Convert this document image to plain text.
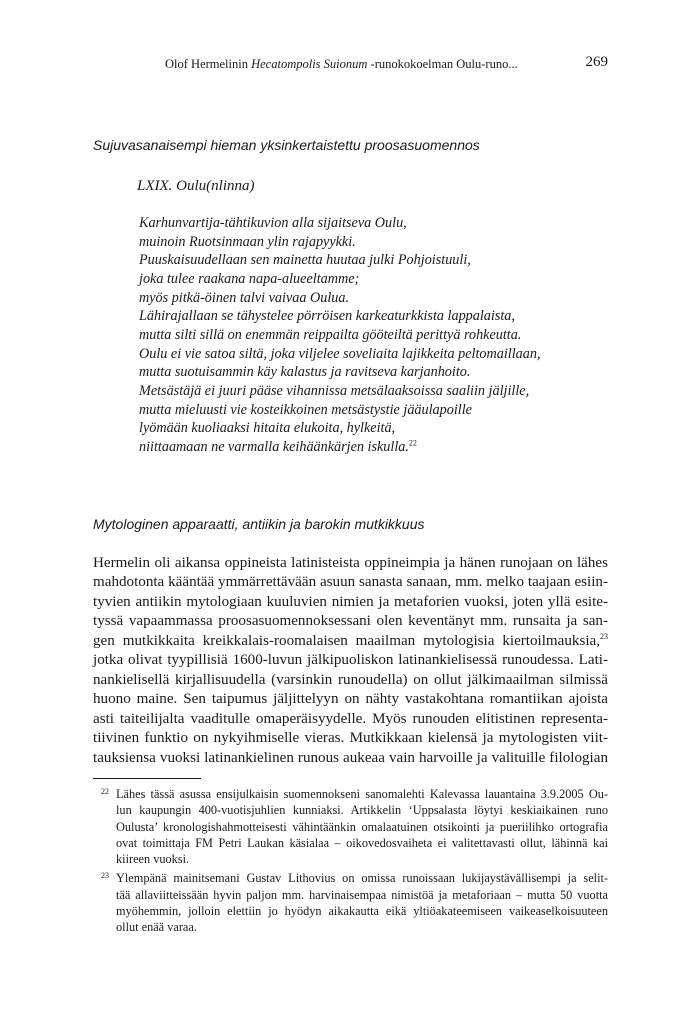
Olof Hermelinin Hecatompolis Suionum -runokokoelman Oulu-runo...	269
Sujuvasanaisempi hieman yksinkertaistettu proosasuomennos
LXIX. Oulu(nlinna)
Karhunvartija-tähtikuvion alla sijaitseva Oulu,
muinoin Ruotsinmaan ylin rajapyykki.
Puuskaisuudellaan sen mainetta huutaa julki Pohjoistuuli,
joka tulee raakana napa-alueeltamme;
myös pitkä-öinen talvi vaivaa Oulua.
Lähirajallaan se tähystelee pörröisen karkeaturkkista lappalaista,
mutta silti sillä on enemmän reippailta gööteiltä perittyä rohkeutta.
Oulu ei vie satoa siltä, joka viljelee soveliaita lajikkeita peltomaillaan,
mutta suotuisammin käy kalastus ja ravitseva karjanhoito.
Metsästäjä ei juuri pääse vihannissa metsälaaksoissa saaliin jäljille,
mutta mieluusti vie kosteikkoinen metsästystie jääulapoille
lyömään kuoliaaksi hitaita elukoita, hylkeitä,
niittaamaan ne varmalla keihäänkärjen iskulla.$^{22}$
Mytologinen apparaatti, antiikin ja barokin mutkikkuus
Hermelin oli aikansa oppineista latinisteista oppineimpia ja hänen runojaan on lähes
mahdotonta kääntää ymmärrettävään asuun sanasta sanaan, mm. melko taajaan esiin-
tyvien antiikin mytologiaan kuuluvien nimien ja metaforien vuoksi, joten yllä esite-
tyssä vapaammassa proosasuomennoksessani olen keventänyt mm. runsaita ja san-
gen mutkikkaita kreikkalais-roomalaisen maailman mytologisia kiertoilmauksia,$^{23}$
jotka olivat tyypillisiä 1600-luvun jälkipuoliskon latinankielisessä runoudessa. Lati-
nankielisellä kirjallisuudella (varsinkin runoudella) on ollut jälkimaailman silmissä
huono maine. Sen taipumus jäljittelyyn on nähty vastakohtana romantiikan ajoista
asti taiteilijalta vaaditulle omaperäisyydelle. Myös runouden elitistinen representa-
tiivinen funktio on nykyihmiselle vieras. Mutkikkaan kielensä ja mytologisten viit-
tauksiensa vuoksi latinankielinen runous aukeaa vain harvoille ja valituille filologian
22 Lähes tässä asussa ensijulkaisin suomennokseni sanomalehti Kalevassa lauantaina 3.9.2005 Ou-
lun kaupungin 400-vuotisjuhlien kunniaksi. Artikkelin ‘Uppsalasta löytyi keskiaikainen runo
Oulusta’ kronologishahmotteisesti vähintäänkin omalaatuinen otsikointi ja pueriilihko ortografia
ovat toimittaja FM Petri Laukan käsialaa – oikovedosvaiheta ei valitettavasti ollut, lähinnä kai
kiireen vuoksi.
23 Ylempänä mainitsemani Gustav Lithovius on omissa runoissaan lukijaystävällisempi ja selit-
tää allaviitteissään hyvin paljon mm. harvinaisempaa nimistöä ja metaforiaan – mutta 50 vuotta
myöhemmin, jolloin elettiin jo hyödyn aikakautta eikä yltiöakateemiseen vaikeaselkoisuuteen
ollut enää varaa.
